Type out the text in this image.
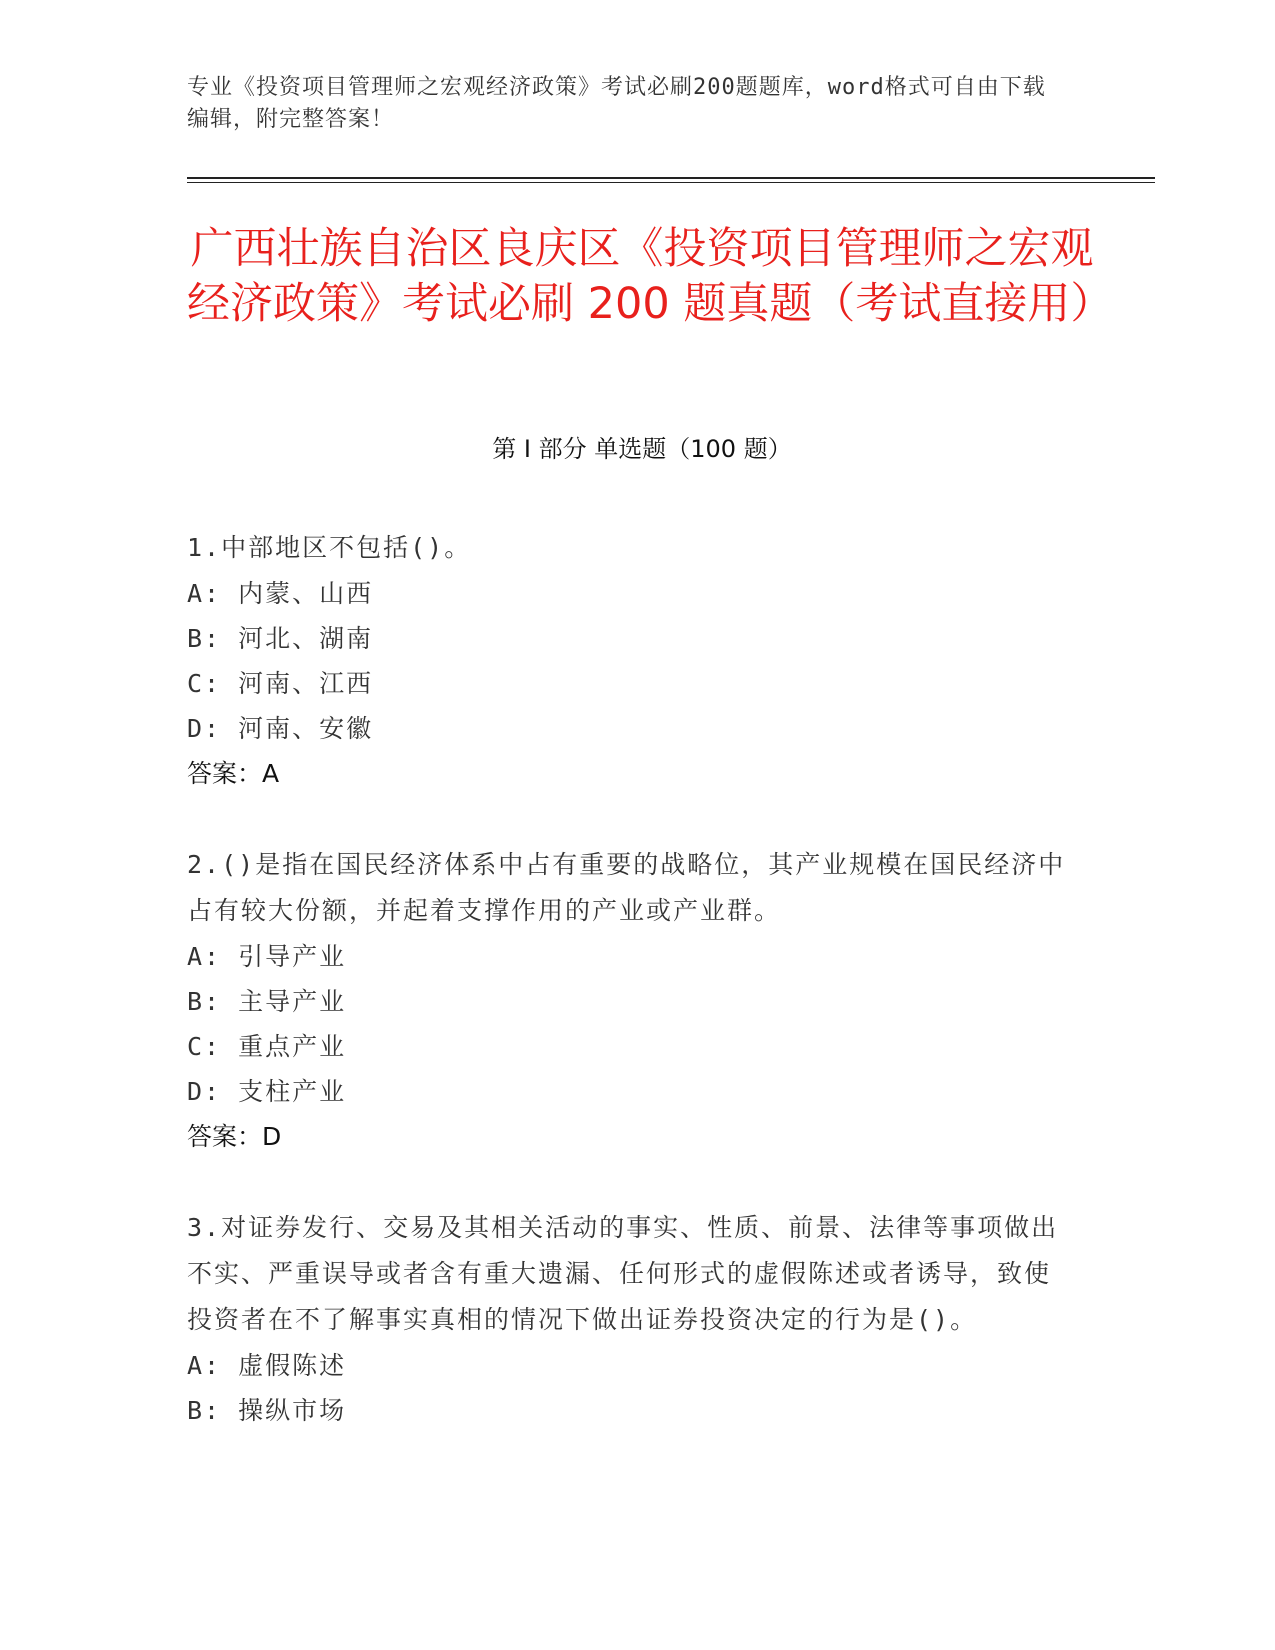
专业《投资项目管理师之宏观经济政策》考试必刷200题题库，word格式可自由下载编辑，附完整答案！
广西壮族自治区良庆区《投资项目管理师之宏观经济政策》考试必刷 200 题真题（考试直接用）
第 I 部分 单选题（100 题）

1.中部地区不包括()。

A: 内蒙、山西

B: 河北、湖南

C: 河南、江西

D: 河南、安徽

答案：A

2.()是指在国民经济体系中占有重要的战略位，其产业规模在国民经济中占有较大份额，并起着支撑作用的产业或产业群。

A: 引导产业

B: 主导产业

C: 重点产业

D: 支柱产业

答案：D

3.对证券发行、交易及其相关活动的事实、性质、前景、法律等事项做出不实、严重误导或者含有重大遗漏、任何形式的虚假陈述或者诱导，致使投资者在不了解事实真相的情况下做出证券投资决定的行为是()。

A: 虚假陈述

B: 操纵市场
